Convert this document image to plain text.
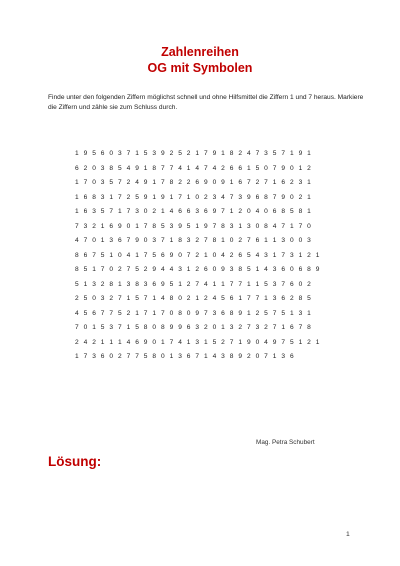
Zahlenreihen
OG mit Symbolen
Finde unter den folgenden Ziffern möglichst schnell und ohne Hilfsmittel die Ziffern 1 und 7 heraus. Markiere die Ziffern und zähle sie zum Schluss durch.
1 9 5 6 0 3 7 1 5 3 9 2 5 2 1 7 9 1 8 2 4 7 3 5 7 1 9 1
6 2 0 3 8 5 4 9 1 8 7 7 4 1 4 7 4 2 6 6 1 5 0 7 9 0 1 2
1 7 0 3 5 7 2 4 9 1 7 8 2 2 6 9 0 9 1 6 7 2 7 1 6 2 3 1
1 6 8 3 1 7 2 5 9 1 9 1 7 1 0 2 3 4 7 3 9 6 8 7 9 0 2 1
1 6 3 5 7 1 7 3 0 2 1 4 6 6 3 6 9 7 1 2 0 4 0 6 8 5 8 1
7 3 2 1 6 9 0 1 7 8 5 3 9 5 1 9 7 8 3 1 3 0 8 4 7 1 7 0
4 7 0 1 3 6 7 9 0 3 7 1 8 3 2 7 8 1 0 2 7 6 1 1 3 0 0 3
8 6 7 5 1 0 4 1 7 5 6 9 0 7 2 1 0 4 2 6 5 4 3 1 7 3 1 2 1
8 5 1 7 0 2 7 5 2 9 4 4 3 1 2 6 0 9 3 8 5 1 4 3 6 0 6 8 9
5 1 3 2 8 1 3 8 3 6 9 5 1 2 7 4 1 1 7 7 1 1 5 3 7 6 0 2
2 5 0 3 2 7 1 5 7 1 4 8 0 2 1 2 4 5 6 1 7 7 1 3 6 2 8 5
4 5 6 7 7 5 2 1 7 1 7 0 8 0 9 7 3 6 8 9 1 2 5 7 5 1 3 1
7 0 1 5 3 7 1 5 8 0 8 9 9 6 3 2 0 1 3 2 7 3 2 7 1 6 7 8
2 4 2 1 1 1 4 6 9 0 1 7 4 1 3 1 5 2 7 1 9 0 4 9 7 5 1 2 1
1 7 3 6 0 2 7 7 5 8 0 1 3 6 7 1 4 3 8 9 2 0 7 1 3 6
Mag. Petra Schubert
Lösung:
1
